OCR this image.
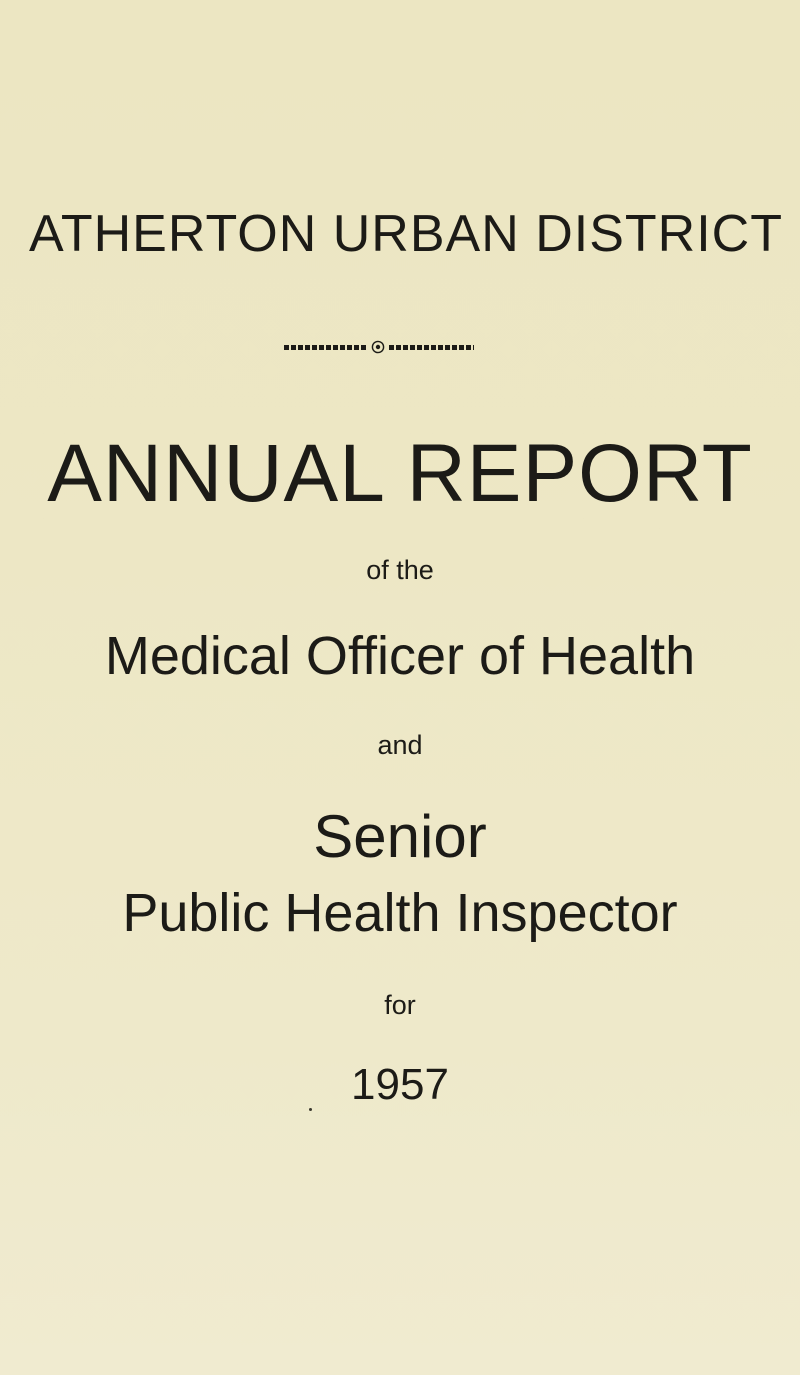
ATHERTON URBAN DISTRICT
ANNUAL REPORT
of the
Medical Officer of Health
and
Senior
Public Health Inspector
for
1957
